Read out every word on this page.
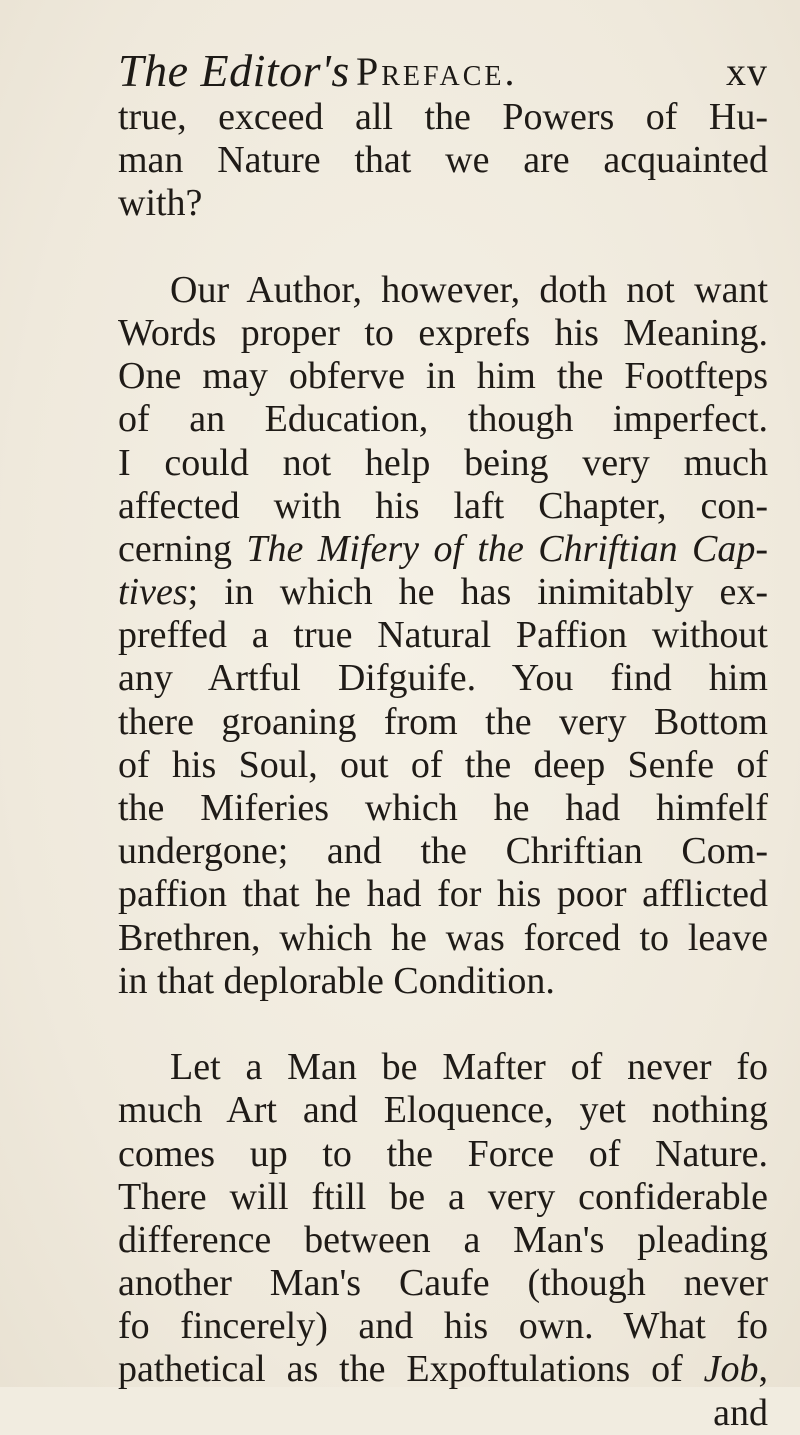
The Editor's Preface.	xv
true, exceed all the Powers of Hu-
man Nature that we are acquainted
with?
Our Author, however, doth not want
Words proper to exprefs his Meaning.
One may obferve in him the Footfteps
of an Education, though imperfect.
I could not help being very much
affected with his laft Chapter, con-
cerning The Mifery of the Chriftian Cap-
tives; in which he has inimitably ex-
preffed a true Natural Paffion without
any Artful Difguife. You find him
there groaning from the very Bottom
of his Soul, out of the deep Senfe of
the Miferies which he had himfelf
undergone; and the Chriftian Com-
paffion that he had for his poor afflicted
Brethren, which he was forced to leave
in that deplorable Condition.
Let a Man be Mafter of never fo
much Art and Eloquence, yet nothing
comes up to the Force of Nature.
There will ftill be a very confiderable
difference between a Man's pleading
another Man's Caufe (though never
fo fincerely) and his own. What fo
pathetical as the Expoftulations of Job,
and
